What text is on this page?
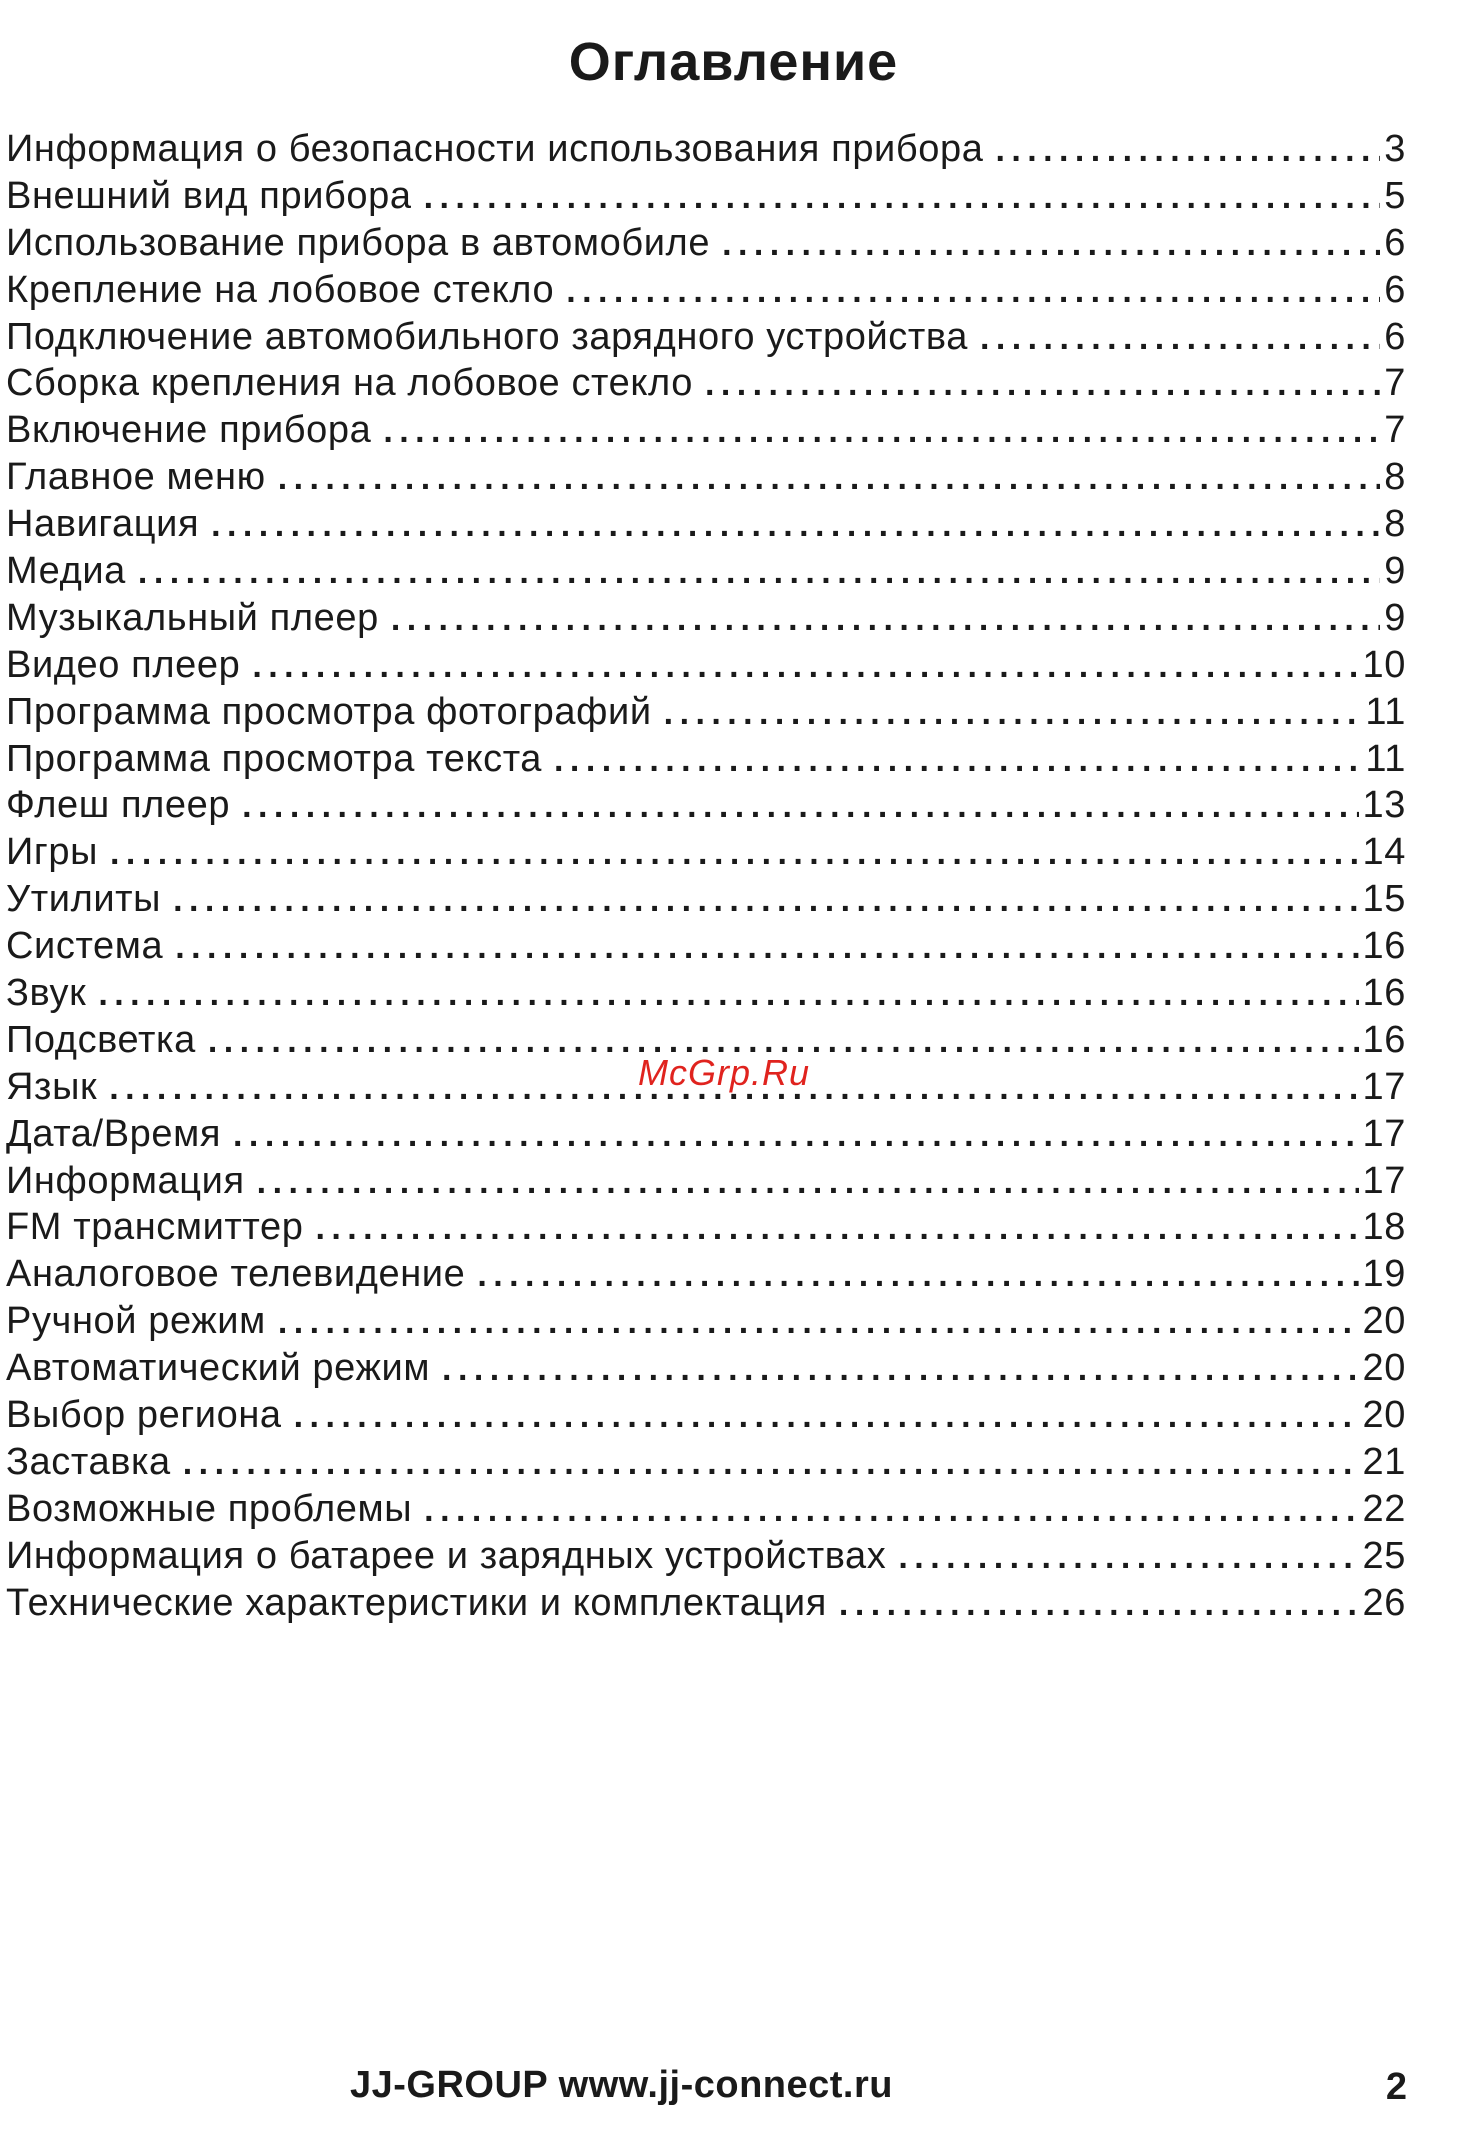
Оглавление
Информация о безопасности использования прибора . . .	3
Внешний вид прибора . . .	5
Использование прибора в автомобиле . . .	6
Крепление на лобовое стекло . . .	6
Подключение автомобильного зарядного устройства . . .	6
Сборка крепления на лобовое стекло . . .	7
Включение прибора . . .	7
Главное меню . . .	8
Навигация . . .	8
Медиа . . .	9
Музыкальный плеер . . .	9
Видео плеер . . .	10
Программа просмотра фотографий . . .	11
Программа просмотра текста . . .	11
Флеш плеер . . .	13
Игры . . .	14
Утилиты . . .	15
Система . . .	16
Звук . . .	16
Подсветка . . .	16
Язык . . .	17
Дата/Время . . .	17
Информация . . .	17
FM трансмиттер . . .	18
Аналоговое телевидение . . .	19
Ручной режим . . .	20
Автоматический режим . . .	20
Выбор региона . . .	20
Заставка . . .	21
Возможные проблемы . . .	22
Информация о батарее и зарядных устройствах . . .	25
Технические характеристики и комплектация . . .	26
McGrp.Ru
JJ-GROUP www.jj-connect.ru	2
